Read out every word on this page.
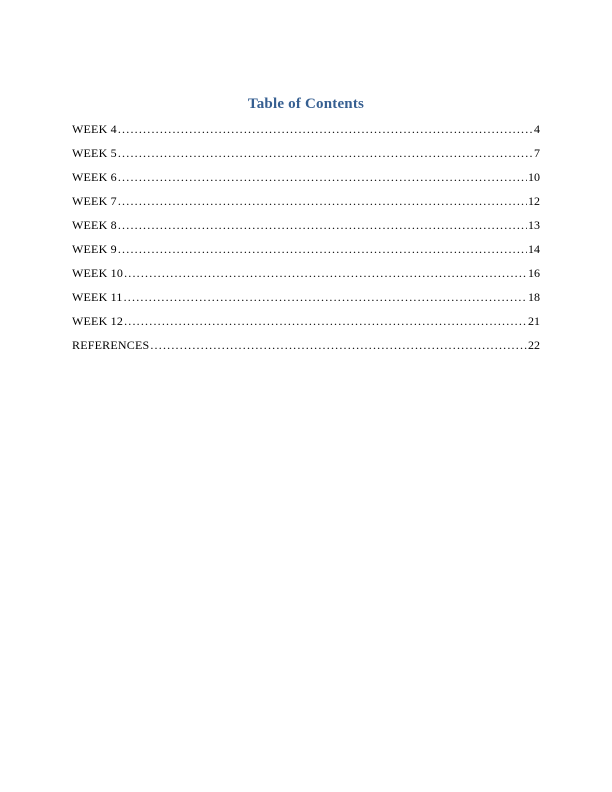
Table of Contents
WEEK 4 .....	4
WEEK 5 .....	7
WEEK 6 .....	10
WEEK 7 .....	12
WEEK 8 .....	13
WEEK 9 .....	14
WEEK 10 .....	16
WEEK 11 .....	18
WEEK 12 .....	21
REFERENCES .....	22
